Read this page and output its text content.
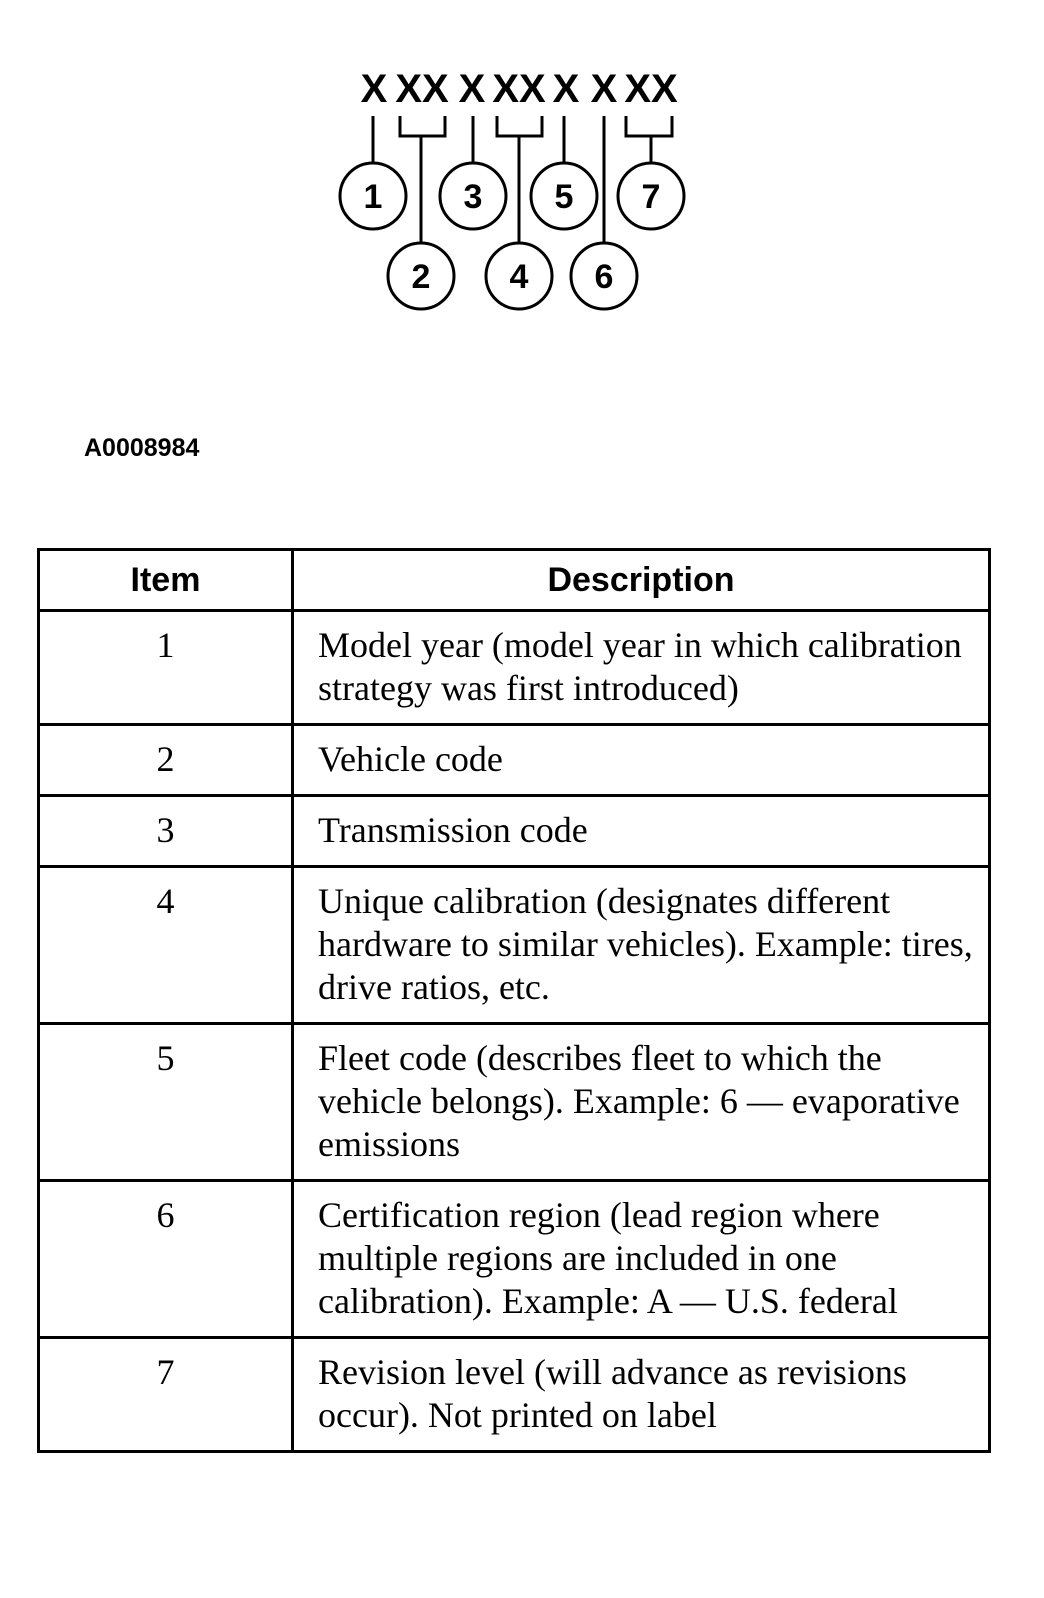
X XX X XX X X XX
1 3 5 7
2 4 6
A0008984
Item	Description
1	Model year (model year in which calibration strategy was first introduced)
2	Vehicle code
3	Transmission code
4	Unique calibration (designates different hardware to similar vehicles). Example: tires, drive ratios, etc.
5	Fleet code (describes fleet to which the vehicle belongs). Example: 6 — evaporative emissions
6	Certification region (lead region where multiple regions are included in one calibration). Example: A — U.S. federal
7	Revision level (will advance as revisions occur). Not printed on label
